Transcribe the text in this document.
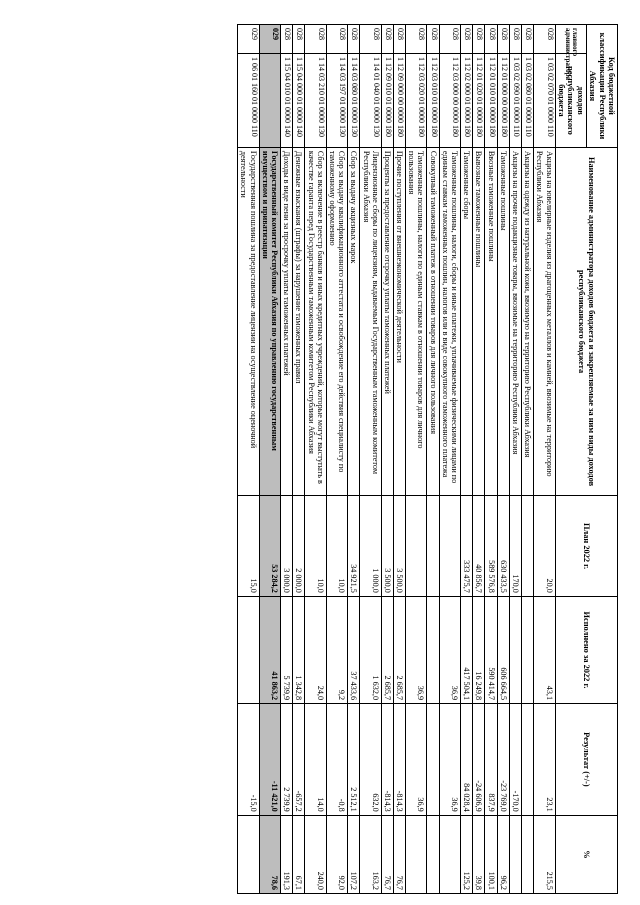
Код бюджетной классификации Республики Абхазия		Наименование администратора доходов бюджета и закрепляемые за ним виды доходов республиканского бюджета	План 2022 г.	Исполнено за 2022 г.	Результат (+/-)	%
главного администратора	доходов республиканского бюджета					
028	1 03 02 070 01 0000 110	Акцизы на ювелирные изделия из драгоценных металлов и камней, ввозимые на территорию Республики Абхазия	20,0	43,1	23,1	215,5
028	1 03 02 080 01 0000 110	Акцизы на одежду из натуральной кожи, ввозимую на территорию Республики Абхазия				
028	1 03 02 090 01 0000 110	Акцизы на прочие подакцизные товары, ввозимые на территорию Республики Абхазия	170,0		-170,0	
028	1 12 01 000 00 0000 180	Таможенные пошлины	630 433,5	606 664,5	-23 769,0	96,2
028	1 12 01 010 01 0000 180	Ввозные таможенные пошлины	589 576,8	590 414,7	837,9	100,1
028	1 12 01 020 01 0000 180	Вывозные таможенные пошлины	40 856,7	16 249,8	-24 606,9	39,8
028	1 12 02 000 01 0000 180	Таможенные сборы	333 475,7	417 504,1	84 028,4	125,2
028	1 12 03 000 00 0000 180	Таможенные пошлины, налоги, сборы и иные платежи, уплачиваемые физическими лицами по единым ставкам таможенных пошлин, налогов или в виде совокупного таможенного платежа		36,9	36,9	
028	1 12 03 010 01 0000 180	Совокупный таможенный платеж в отношении товаров для личного пользования				
028	1 12 03 020 01 0000 180	Таможенные пошлины, налоги по единым ставкам в отношении товаров для личного пользования		36,9	36,9	
028	1 12 09 000 00 0000 180	Прочие поступления от внешнеэкономической деятельности	3 500,0	2 685,7	-814,3	76,7
028	1 12 09 010 01 0000 180	Проценты за предоставление отсрочку уплаты таможенных платежей	3 500,0	2 685,7	-814,3	76,7
028	1 14 01 040 01 0000 130	Лицензионные сборы по лицензиям, выдаваемым Государственным таможенным комитетом Республики Абхазия	1 000,0	1 632,0	632,0	163,2
028	1 14 03 080 01 0000 130	Сбор за выдачу акцизных марок	34 921,5	37 433,6	2 512,1	107,2
028	1 14 03 197 01 0000 130	Сбор за выдачу квалификационного аттестата и освобождение его действия специалисту по таможенному оформлению	10,0	9,2	-0,8	92,0
028	1 14 03 210 01 0000 130	Сбор за включение в реестр банков и иных кредитных учреждений, которые могут выступать в качестве гаранта перед Государственным таможенным комитетом Республики Абхазия	10,0	24,0	14,0	240,0
028	1 15 04 000 01 0000 140	Денежные взыскания (штрафы) за нарушение таможенных правил	2 000,0	1 342,8	-657,2	67,1
028	1 15 04 010 01 0000 140	Доходы в виде пени за просрочку уплаты таможенных платежей	3 000,0	5 739,9	2 739,9	191,3
029		Государственный комитет Республики Абхазия по управлению государственным имуществом и приватизации	53 284,2	41 863,2	-11 421,0	78,6
029	1 06 01 160 01 0000 110	Государственная пошлина за предоставление лицензии на осуществление оценочной деятельности	15,0		-15,0	
